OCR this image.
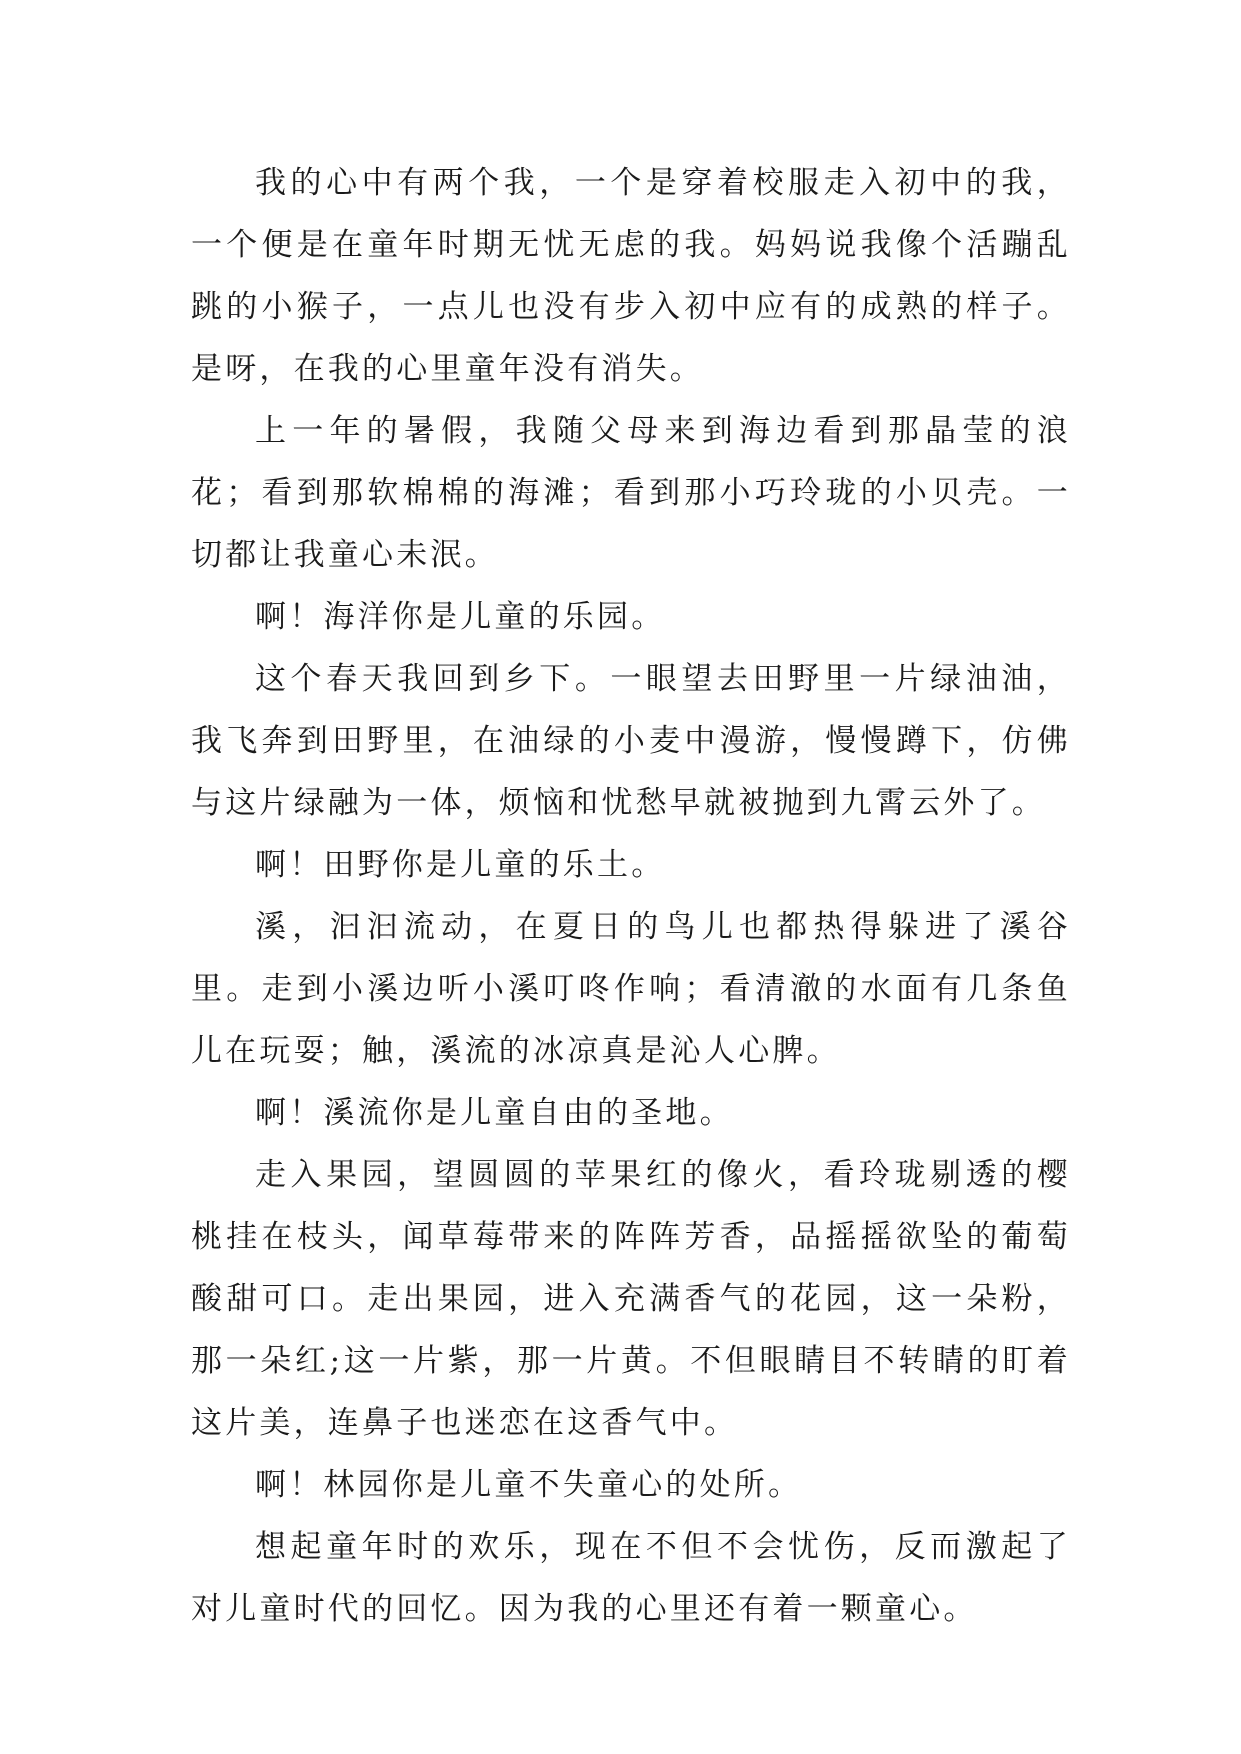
我的心中有两个我，一个是穿着校服走入初中的我，一个便是在童年时期无忧无虑的我。妈妈说我像个活蹦乱跳的小猴子，一点儿也没有步入初中应有的成熟的样子。是呀，在我的心里童年没有消失。

上一年的暑假，我随父母来到海边看到那晶莹的浪花；看到那软棉棉的海滩；看到那小巧玲珑的小贝壳。一切都让我童心未泯。

啊！海洋你是儿童的乐园。

这个春天我回到乡下。一眼望去田野里一片绿油油，我飞奔到田野里，在油绿的小麦中漫游，慢慢蹲下，仿佛与这片绿融为一体，烦恼和忧愁早就被抛到九霄云外了。

啊！田野你是儿童的乐土。

溪，汩汩流动，在夏日的鸟儿也都热得躲进了溪谷里。走到小溪边听小溪叮咚作响；看清澈的水面有几条鱼儿在玩耍；触，溪流的冰凉真是沁人心脾。

啊！溪流你是儿童自由的圣地。

走入果园，望圆圆的苹果红的像火，看玲珑剔透的樱桃挂在枝头，闻草莓带来的阵阵芳香，品摇摇欲坠的葡萄酸甜可口。走出果园，进入充满香气的花园，这一朵粉，那一朵红;这一片紫，那一片黄。不但眼睛目不转睛的盯着这片美，连鼻子也迷恋在这香气中。

啊！林园你是儿童不失童心的处所。

想起童年时的欢乐，现在不但不会忧伤，反而激起了对儿童时代的回忆。因为我的心里还有着一颗童心。
